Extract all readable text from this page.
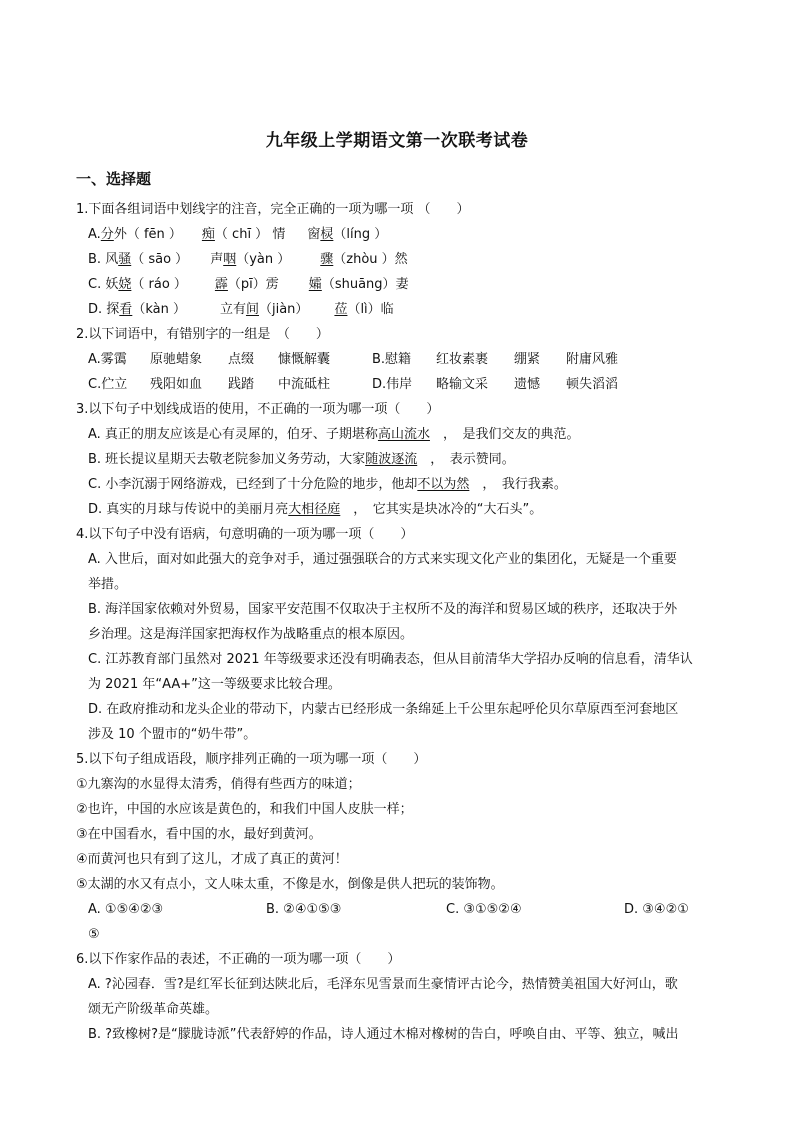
九年级上学期语文第一次联考试卷
一、选择题
1.下面各组词语中划线字的注音，完全正确的一项为哪一项 （　　）
A.分外（ fēn ） 痴（ chī ） 情 窗棂（líng ）
B. 风骚（ sāo ） 声咽（yàn ） 骤（zhòu ）然
C. 妖娆（ ráo ） 霹（pī）雳 孀（shuāng）妻
D. 探看（kàn ）	立有间（jiàn） 莅（lì）临
2.以下词语中，有错别字的一组是　（　　）
A.雾霭 原驰蜡象 点缀 慷慨解囊	B.慰籍 红妆素裹 绷紧 附庸风雅
C.伫立 残阳如血 践踏 中流砥柱	D.伟岸 略输文采 遗憾 顿失滔滔
3.以下句子中划线成语的使用，不正确的一项为哪一项（　　）
A. 真正的朋友应该是心有灵犀的，伯牙、子期堪称高山流水　，　是我们交友的典范。
B. 班长提议星期天去敬老院参加义务劳动，大家随波逐流　，　表示赞同。
C. 小李沉溺于网络游戏，已经到了十分危险的地步，他却不以为然　，　我行我素。
D. 真实的月球与传说中的美丽月亮大相径庭　，　它其实是块冰冷的“大石头”。
4.以下句子中没有语病，句意明确的一项为哪一项（　　）
A. 入世后，面对如此强大的竞争对手，通过强强联合的方式来实现文化产业的集团化，无疑是一个重要
举措。
B. 海洋国家依赖对外贸易，国家平安范围不仅取决于主权所不及的海洋和贸易区域的秩序，还取决于外
乡治理。这是海洋国家把海权作为战略重点的根本原因。
C. 江苏教育部门虽然对 2021 年等级要求还没有明确表态，但从目前清华大学招办反响的信息看，清华认
为 2021 年“AA+”这一等级要求比较合理。
D. 在政府推动和龙头企业的带动下，内蒙古已经形成一条绵延上千公里东起呼伦贝尔草原西至河套地区
涉及 10 个盟市的“奶牛带”。
5.以下句子组成语段，顺序排列正确的一项为哪一项（　　）
①九寨沟的水显得太清秀，俏得有些西方的味道；
②也许，中国的水应该是黄色的，和我们中国人皮肤一样；
③在中国看水，看中国的水，最好到黄河。
④而黄河也只有到了这儿，才成了真正的黄河！
⑤太湖的水又有点小，文人味太重，不像是水，倒像是供人把玩的装饰物。
A. ①⑤④②③	B. ②④①⑤③	C. ③①⑤②④	D. ③④②①
⑤
6.以下作家作品的表述，不正确的一项为哪一项（　　）
A. ?沁园春．雪?是红军长征到达陕北后，毛泽东见雪景而生豪情评古论今，热情赞美祖国大好河山，歌
颂无产阶级革命英雄。
B. ?致橡树?是“朦胧诗派”代表舒婷的作品，诗人通过木棉对橡树的告白，呼唤自由、平等、独立，喊出
